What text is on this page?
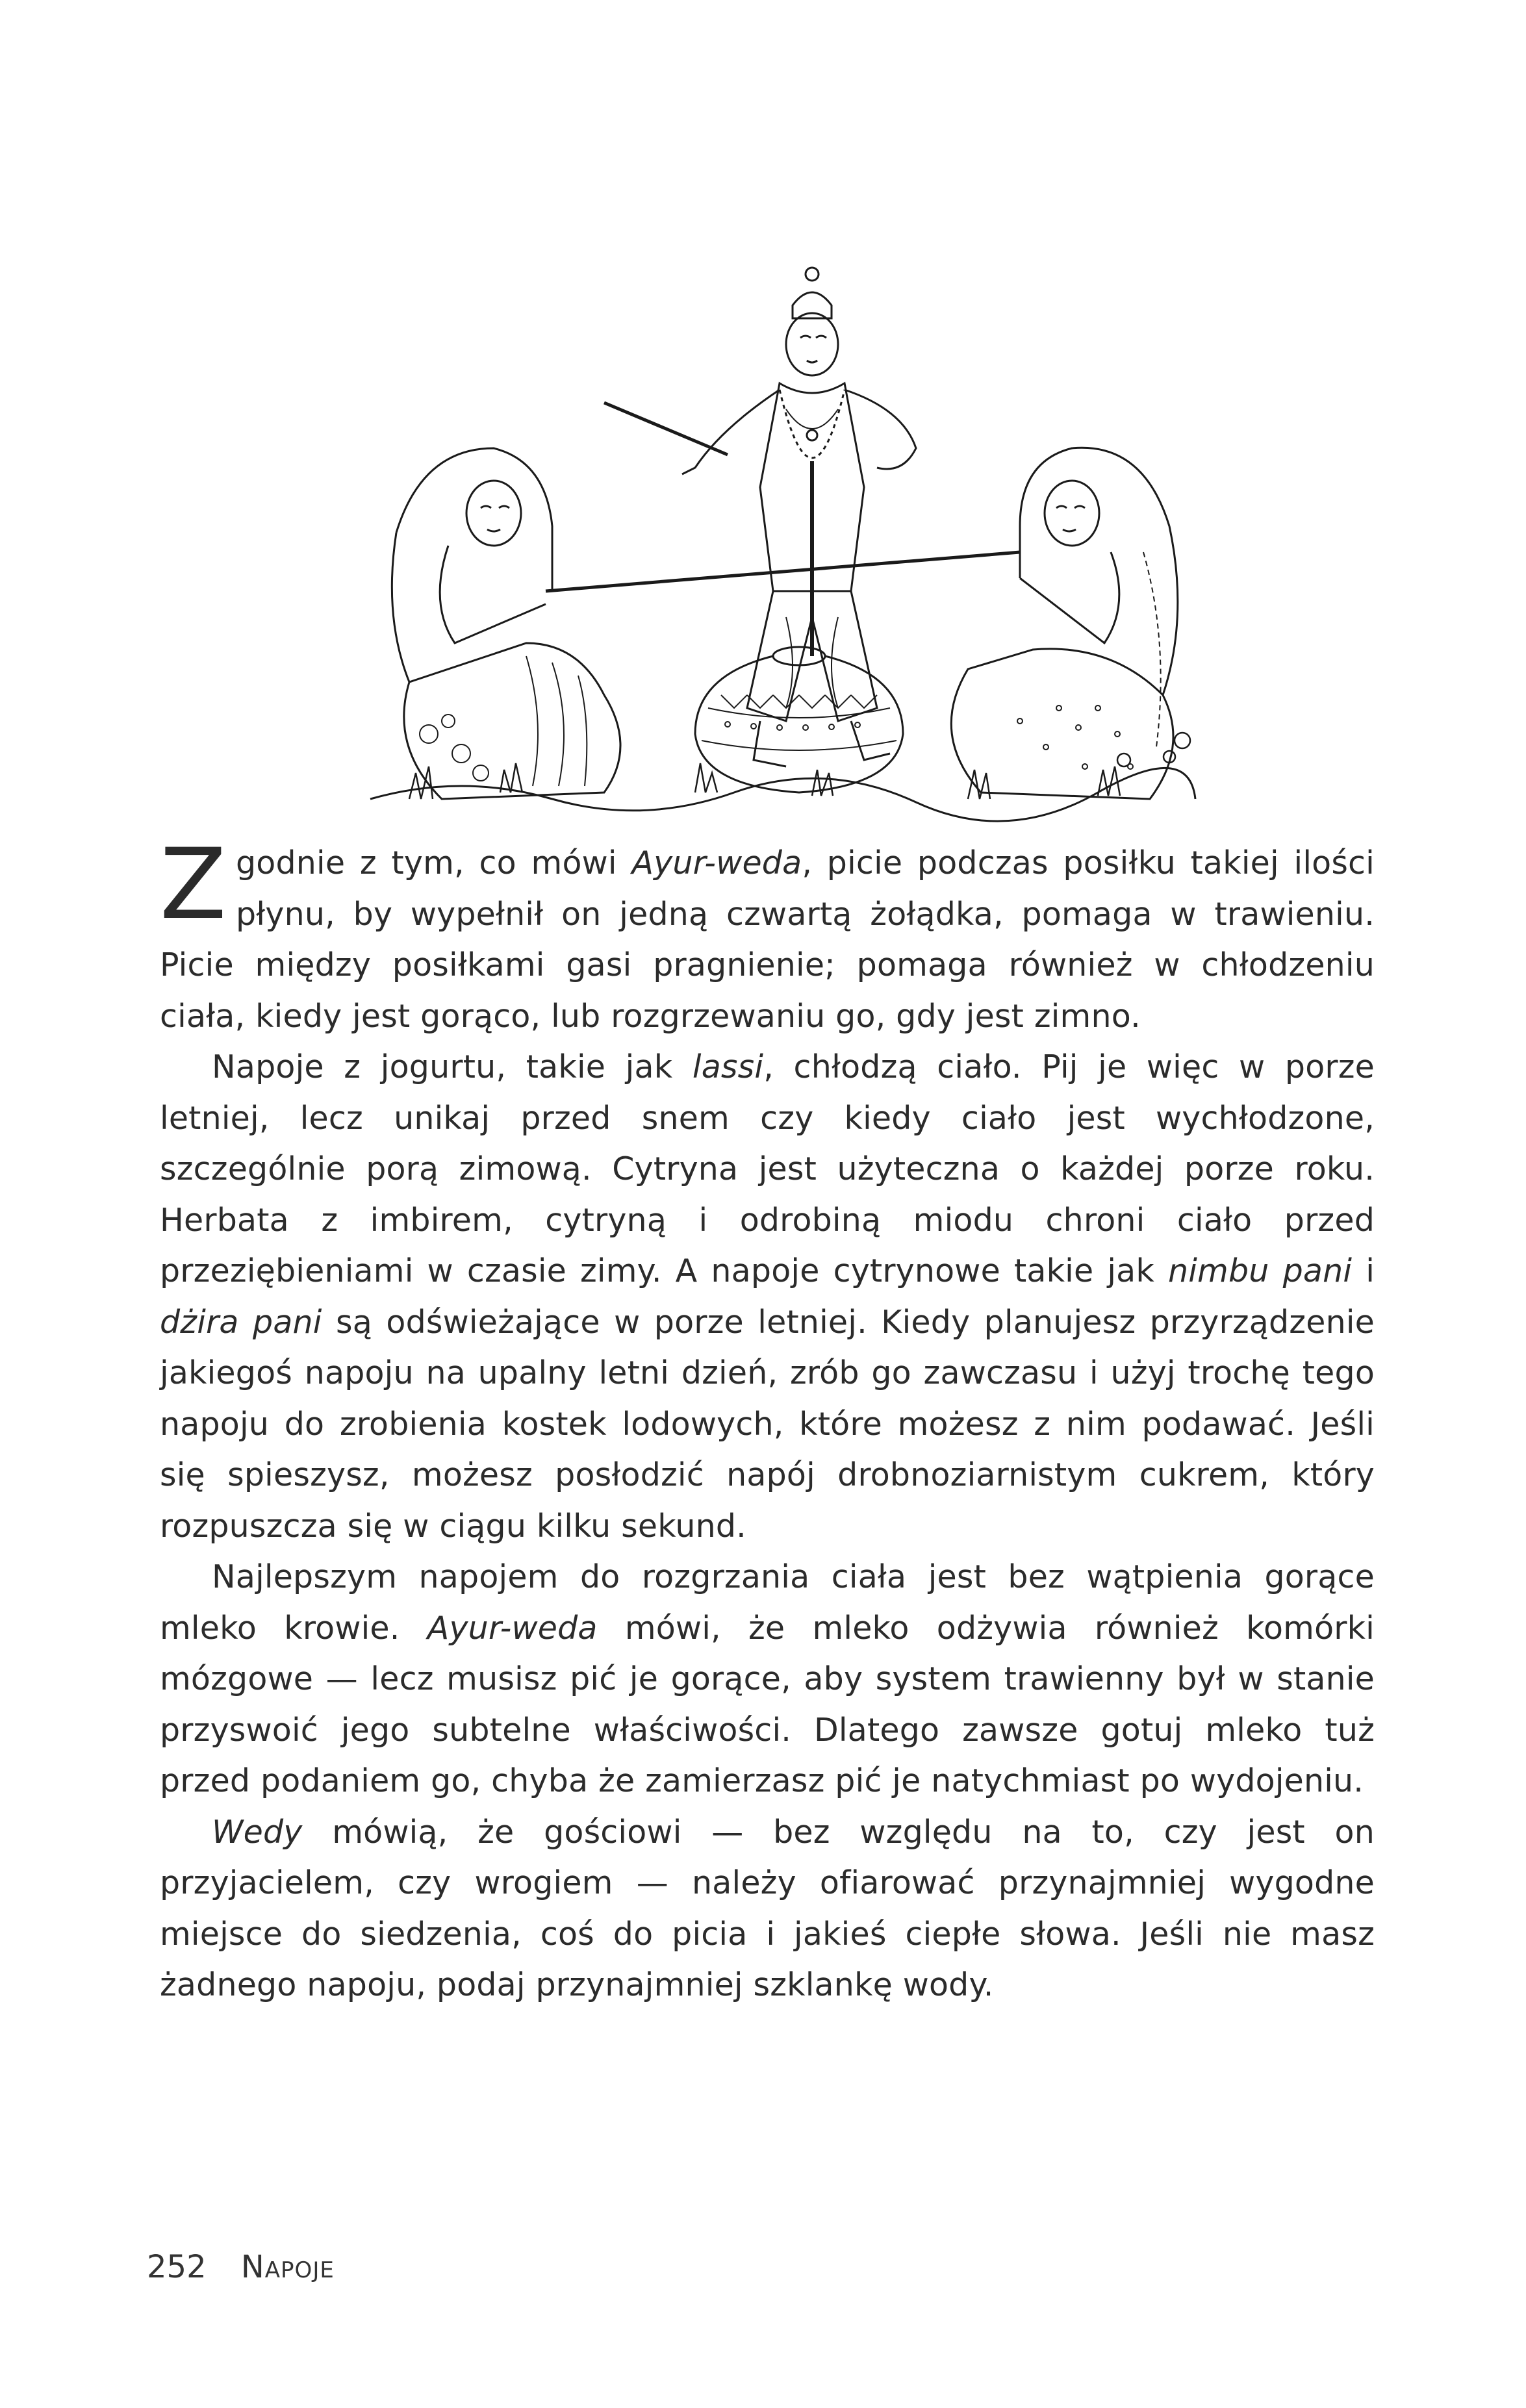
Zgodnie z tym, co mówi Ayur-weda, picie podczas posiłku takiej ilości płynu, by wypełnił on jedną czwartą żołądka, pomaga w trawieniu. Picie między posiłkami gasi pragnienie; pomaga również w chłodzeniu ciała, kiedy jest gorąco, lub rozgrzewaniu go, gdy jest zimno.

Napoje z jogurtu, takie jak lassi, chłodzą ciało. Pij je więc w porze letniej, lecz unikaj przed snem czy kiedy ciało jest wychłodzone, szczególnie porą zimową. Cytryna jest użyteczna o każdej porze roku. Herbata z imbirem, cytryną i odrobiną miodu chroni ciało przed przeziębieniami w czasie zimy. A napoje cytrynowe takie jak nimbu pani i dżira pani są odświeżające w porze letniej. Kiedy planujesz przyrządzenie jakiegoś napoju na upalny letni dzień, zrób go zawczasu i użyj trochę tego napoju do zrobienia kostek lodowych, które możesz z nim podawać. Jeśli się spieszysz, możesz posłodzić napój drobnoziarnistym cukrem, który rozpuszcza się w ciągu kilku sekund.

Najlepszym napojem do rozgrzania ciała jest bez wątpienia gorące mleko krowie. Ayur-weda mówi, że mleko odżywia również komórki mózgowe — lecz musisz pić je gorące, aby system trawienny był w stanie przyswoić jego subtelne właściwości. Dlatego zawsze gotuj mleko tuż przed podaniem go, chyba że zamierzasz pić je natychmiast po wydojeniu.

Wedy mówią, że gościowi — bez względu na to, czy jest on przyjacielem, czy wrogiem — należy ofiarować przynajmniej wygodne miejsce do siedzenia, coś do picia i jakieś ciepłe słowa. Jeśli nie masz żadnego napoju, podaj przynajmniej szklankę wody.

252 Napoje
